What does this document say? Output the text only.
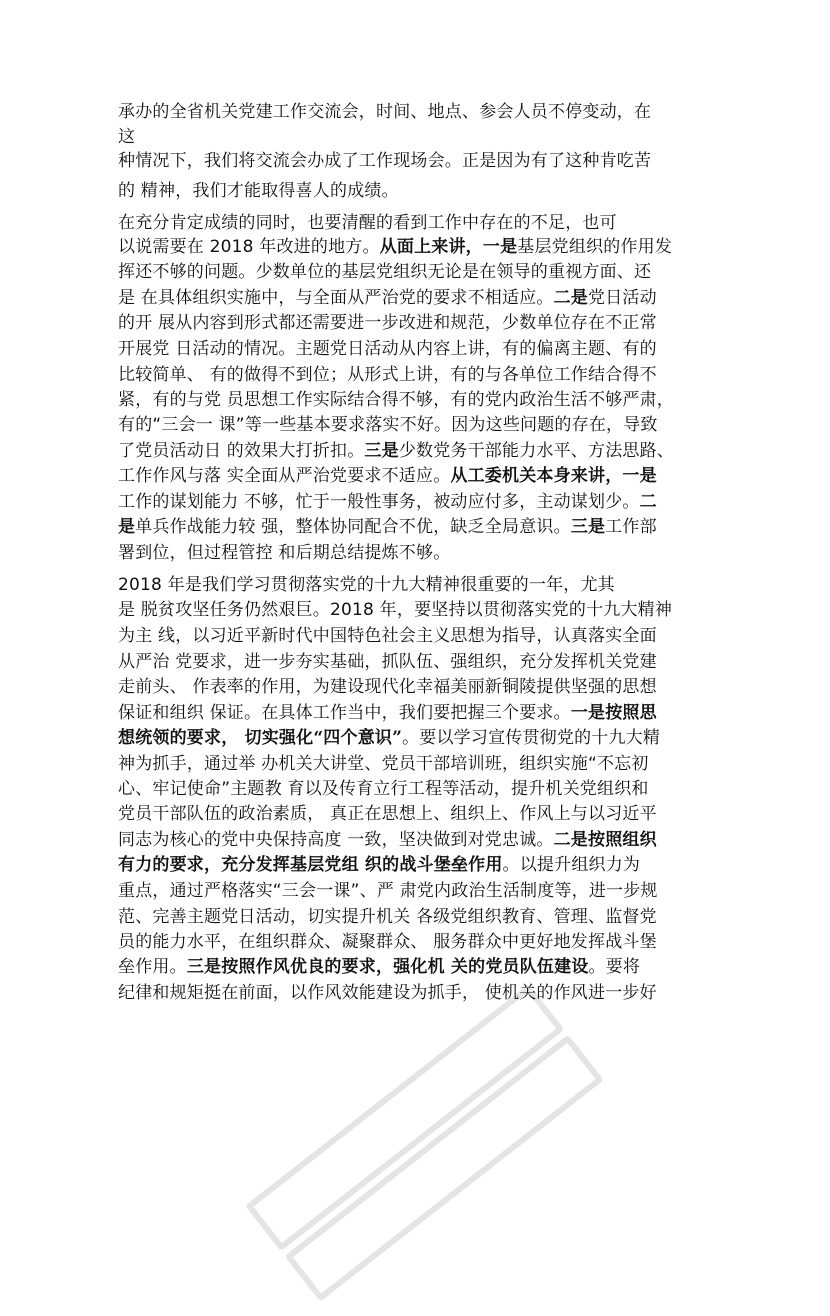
承办的全省机关党建工作交流会，时间、地点、参会人员不停变动，在
这
种情况下，我们将交流会办成了工作现场会。正是因为有了这种肯吃苦
的 精神，我们才能取得喜人的成绩。
在充分肯定成绩的同时，也要清醒的看到工作中存在的不足，也可
以说需要在 2018 年改进的地方。从面上来讲，一是基层党组织的作用发
挥还不够的问题。少数单位的基层党组织无论是在领导的重视方面、还
是 在具体组织实施中，与全面从严治党的要求不相适应。二是党日活动
的开 展从内容到形式都还需要进一步改进和规范，少数单位存在不正常
开展党 日活动的情况。主题党日活动从内容上讲，有的偏离主题、有的
比较简单、 有的做得不到位；从形式上讲，有的与各单位工作结合得不
紧，有的与党 员思想工作实际结合得不够，有的党内政治生活不够严肃，
有的“三会一 课”等一些基本要求落实不好。因为这些问题的存在，导致
了党员活动日 的效果大打折扣。三是少数党务干部能力水平、方法思路、
工作作风与落 实全面从严治党要求不适应。从工委机关本身来讲，一是
工作的谋划能力 不够，忙于一般性事务，被动应付多，主动谋划少。二
是单兵作战能力较 强，整体协同配合不优，缺乏全局意识。三是工作部
署到位，但过程管控 和后期总结提炼不够。
2018 年是我们学习贯彻落实党的十九大精神很重要的一年，尤其
是 脱贫攻坚任务仍然艰巨。2018 年，要坚持以贯彻落实党的十九大精神
为主 线，以习近平新时代中国特色社会主义思想为指导，认真落实全面
从严治 党要求，进一步夯实基础，抓队伍、强组织，充分发挥机关党建
走前头、 作表率的作用，为建设现代化幸福美丽新铜陵提供坚强的思想
保证和组织 保证。在具体工作当中，我们要把握三个要求。一是按照思
想统领的要求， 切实强化“四个意识”。要以学习宣传贯彻党的十九大精
神为抓手，通过举 办机关大讲堂、党员干部培训班，组织实施“不忘初
心、牢记使命”主题教 育以及传育立行工程等活动，提升机关党组织和
党员干部队伍的政治素质， 真正在思想上、组织上、作风上与以习近平
同志为核心的党中央保持高度 一致，坚决做到对党忠诚。二是按照组织
有力的要求，充分发挥基层党组 织的战斗堡垒作用。以提升组织力为
重点，通过严格落实“三会一课”、严 肃党内政治生活制度等，进一步规
范、完善主题党日活动，切实提升机关 各级党组织教育、管理、监督党
员的能力水平，在组织群众、凝聚群众、 服务群众中更好地发挥战斗堡
垒作用。三是按照作风优良的要求，强化机 关的党员队伍建设。要将
纪律和规矩挺在前面，以作风效能建设为抓手， 使机关的作风进一步好
